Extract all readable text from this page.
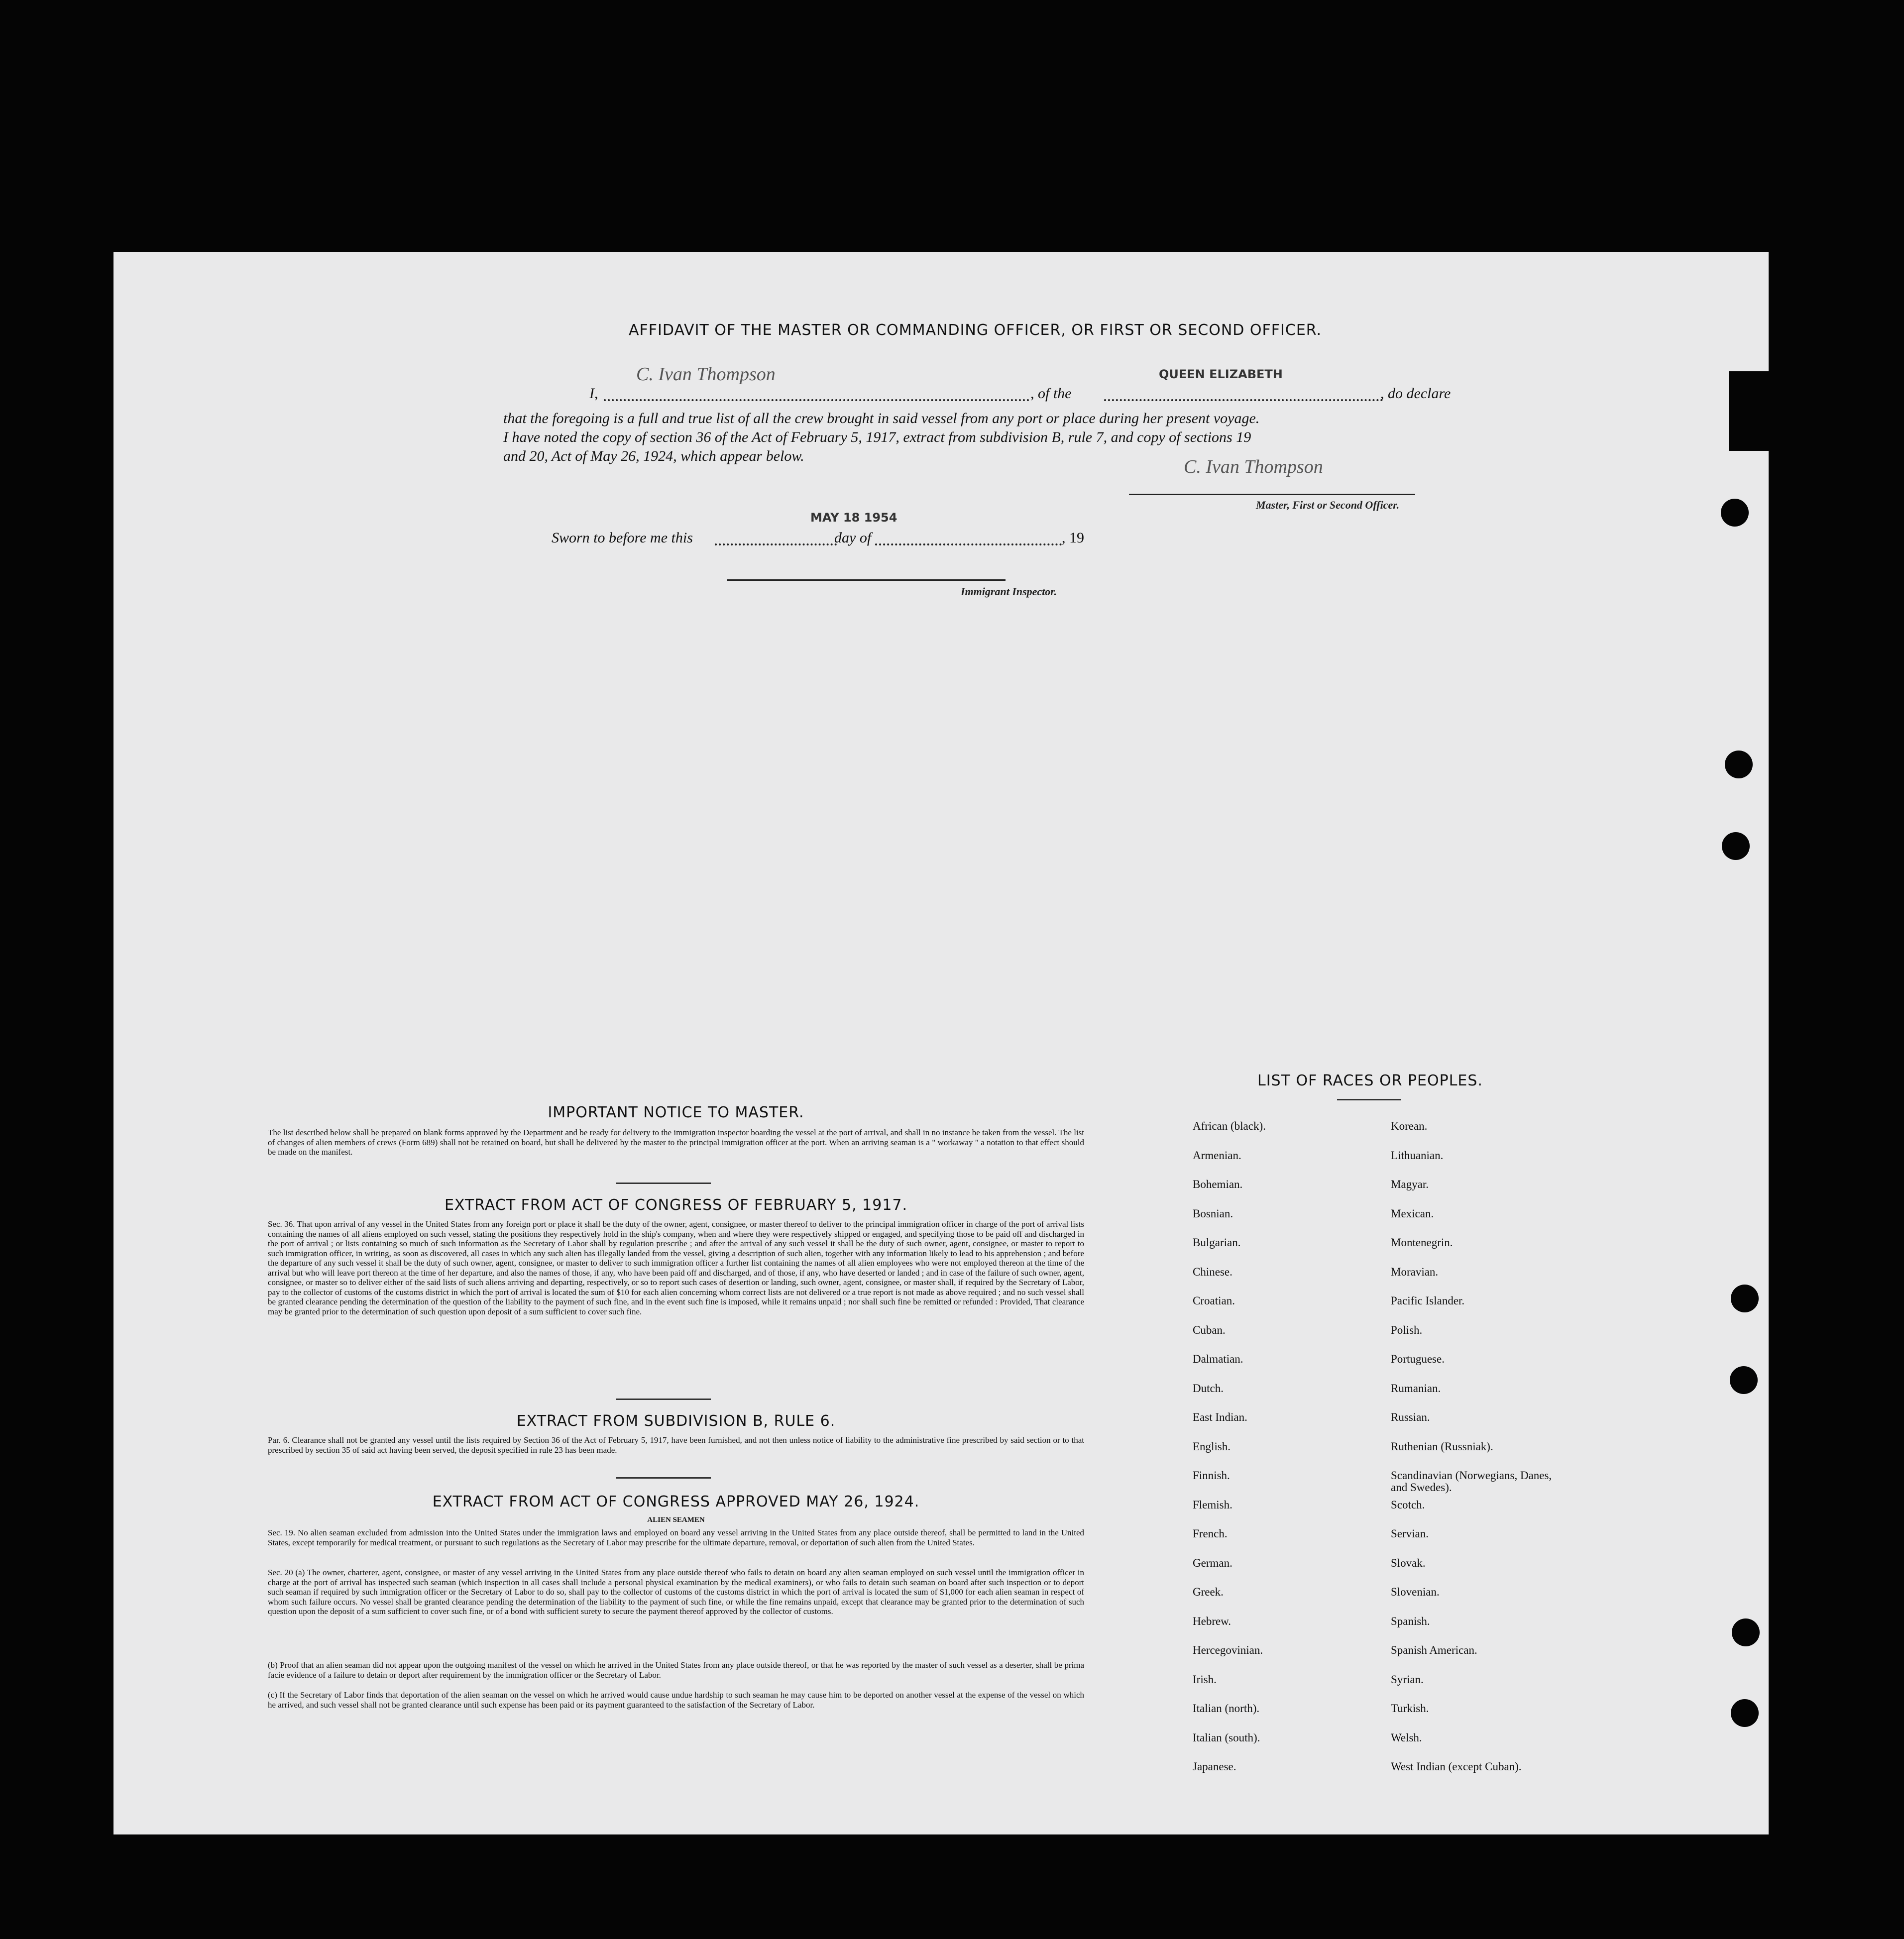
AFFIDAVIT OF THE MASTER OR COMMANDING OFFICER, OR FIRST OR SECOND OFFICER.
I,
C. Ivan Thompson
, of the
QUEEN ELIZABETH
, do declare
that the foregoing is a full and true list of all the crew brought in said vessel from any port or place during her present voyage.
I have noted the copy of section 36 of the Act of February 5, 1917, extract from subdivision B, rule 7, and copy of sections 19
and 20, Act of May 26, 1924, which appear below.
C. Ivan Thompson
Master, First or Second Officer.
Sworn to before me this
MAY 18 1954
day of	, 19
Immigrant Inspector.
IMPORTANT NOTICE TO MASTER.
The list described below shall be prepared on blank forms approved by the Department and be ready for delivery to the immigration inspector boarding the vessel at the port of arrival, and shall in no instance be taken from the vessel. The list of changes of alien members of crews (Form 689) shall not be retained on board, but shall be delivered by the master to the principal immigration officer at the port. When an arriving seaman is a " workaway " a notation to that effect should be made on the manifest.
EXTRACT FROM ACT OF CONGRESS OF FEBRUARY 5, 1917.
Sec. 36. That upon arrival of any vessel in the United States from any foreign port or place it shall be the duty of the owner, agent, consignee, or master thereof to deliver to the principal immigration officer in charge of the port of arrival lists containing the names of all aliens employed on such vessel, stating the positions they respectively hold in the ship's company, when and where they were respectively shipped or engaged, and specifying those to be paid off and discharged in the port of arrival ; or lists containing so much of such information as the Secretary of Labor shall by regulation prescribe ; and after the arrival of any such vessel it shall be the duty of such owner, agent, consignee, or master to report to such immigration officer, in writing, as soon as discovered, all cases in which any such alien has illegally landed from the vessel, giving a description of such alien, together with any information likely to lead to his apprehension ; and before the departure of any such vessel it shall be the duty of such owner, agent, consignee, or master to deliver to such immigration officer a further list containing the names of all alien employees who were not employed thereon at the time of the arrival but who will leave port thereon at the time of her departure, and also the names of those, if any, who have been paid off and discharged, and of those, if any, who have deserted or landed ; and in case of the failure of such owner, agent, consignee, or master so to deliver either of the said lists of such aliens arriving and departing, respectively, or so to report such cases of desertion or landing, such owner, agent, consignee, or master shall, if required by the Secretary of Labor, pay to the collector of customs of the customs district in which the port of arrival is located the sum of $10 for each alien concerning whom correct lists are not delivered or a true report is not made as above required ; and no such vessel shall be granted clearance pending the determination of the question of the liability to the payment of such fine, and in the event such fine is imposed, while it remains unpaid ; nor shall such fine be remitted or refunded : Provided, That clearance may be granted prior to the determination of such question upon deposit of a sum sufficient to cover such fine.
EXTRACT FROM SUBDIVISION B, RULE 6.
Par. 6. Clearance shall not be granted any vessel until the lists required by Section 36 of the Act of February 5, 1917, have been furnished, and not then unless notice of liability to the administrative fine prescribed by said section or to that prescribed by section 35 of said act having been served, the deposit specified in rule 23 has been made.
EXTRACT FROM ACT OF CONGRESS APPROVED MAY 26, 1924.
ALIEN SEAMEN
Sec. 19. No alien seaman excluded from admission into the United States under the immigration laws and employed on board any vessel arriving in the United States from any place outside thereof, shall be permitted to land in the United States, except temporarily for medical treatment, or pursuant to such regulations as the Secretary of Labor may prescribe for the ultimate departure, removal, or deportation of such alien from the United States.
Sec. 20 (a) The owner, charterer, agent, consignee, or master of any vessel arriving in the United States from any place outside thereof who fails to detain on board any alien seaman employed on such vessel until the immigration officer in charge at the port of arrival has inspected such seaman (which inspection in all cases shall include a personal physical examination by the medical examiners), or who fails to detain such seaman on board after such inspection or to deport such seaman if required by such immigration officer or the Secretary of Labor to do so, shall pay to the collector of customs of the customs district in which the port of arrival is located the sum of $1,000 for each alien seaman in respect of whom such failure occurs. No vessel shall be granted clearance pending the determination of the liability to the payment of such fine, or while the fine remains unpaid, except that clearance may be granted prior to the determination of such question upon the deposit of a sum sufficient to cover such fine, or of a bond with sufficient surety to secure the payment thereof approved by the collector of customs.
(b) Proof that an alien seaman did not appear upon the outgoing manifest of the vessel on which he arrived in the United States from any place outside thereof, or that he was reported by the master of such vessel as a deserter, shall be prima facie evidence of a failure to detain or deport after requirement by the immigration officer or the Secretary of Labor.
(c) If the Secretary of Labor finds that deportation of the alien seaman on the vessel on which he arrived would cause undue hardship to such seaman he may cause him to be deported on another vessel at the expense of the vessel on which he arrived, and such vessel shall not be granted clearance until such expense has been paid or its payment guaranteed to the satisfaction of the Secretary of Labor.
LIST OF RACES OR PEOPLES.
African (black).
Armenian.
Bohemian.
Bosnian.
Bulgarian.
Chinese.
Croatian.
Cuban.
Dalmatian.
Dutch.
East Indian.
English.
Finnish.
Flemish.
French.
German.
Greek.
Hebrew.
Hercegovinian.
Irish.
Italian (north).
Italian (south).
Japanese.
Korean.
Lithuanian.
Magyar.
Mexican.
Montenegrin.
Moravian.
Pacific Islander.
Polish.
Portuguese.
Rumanian.
Russian.
Ruthenian (Russniak).
Scandinavian (Norwegians, Danes, and Swedes).
Scotch.
Servian.
Slovak.
Slovenian.
Spanish.
Spanish American.
Syrian.
Turkish.
Welsh.
West Indian (except Cuban).
